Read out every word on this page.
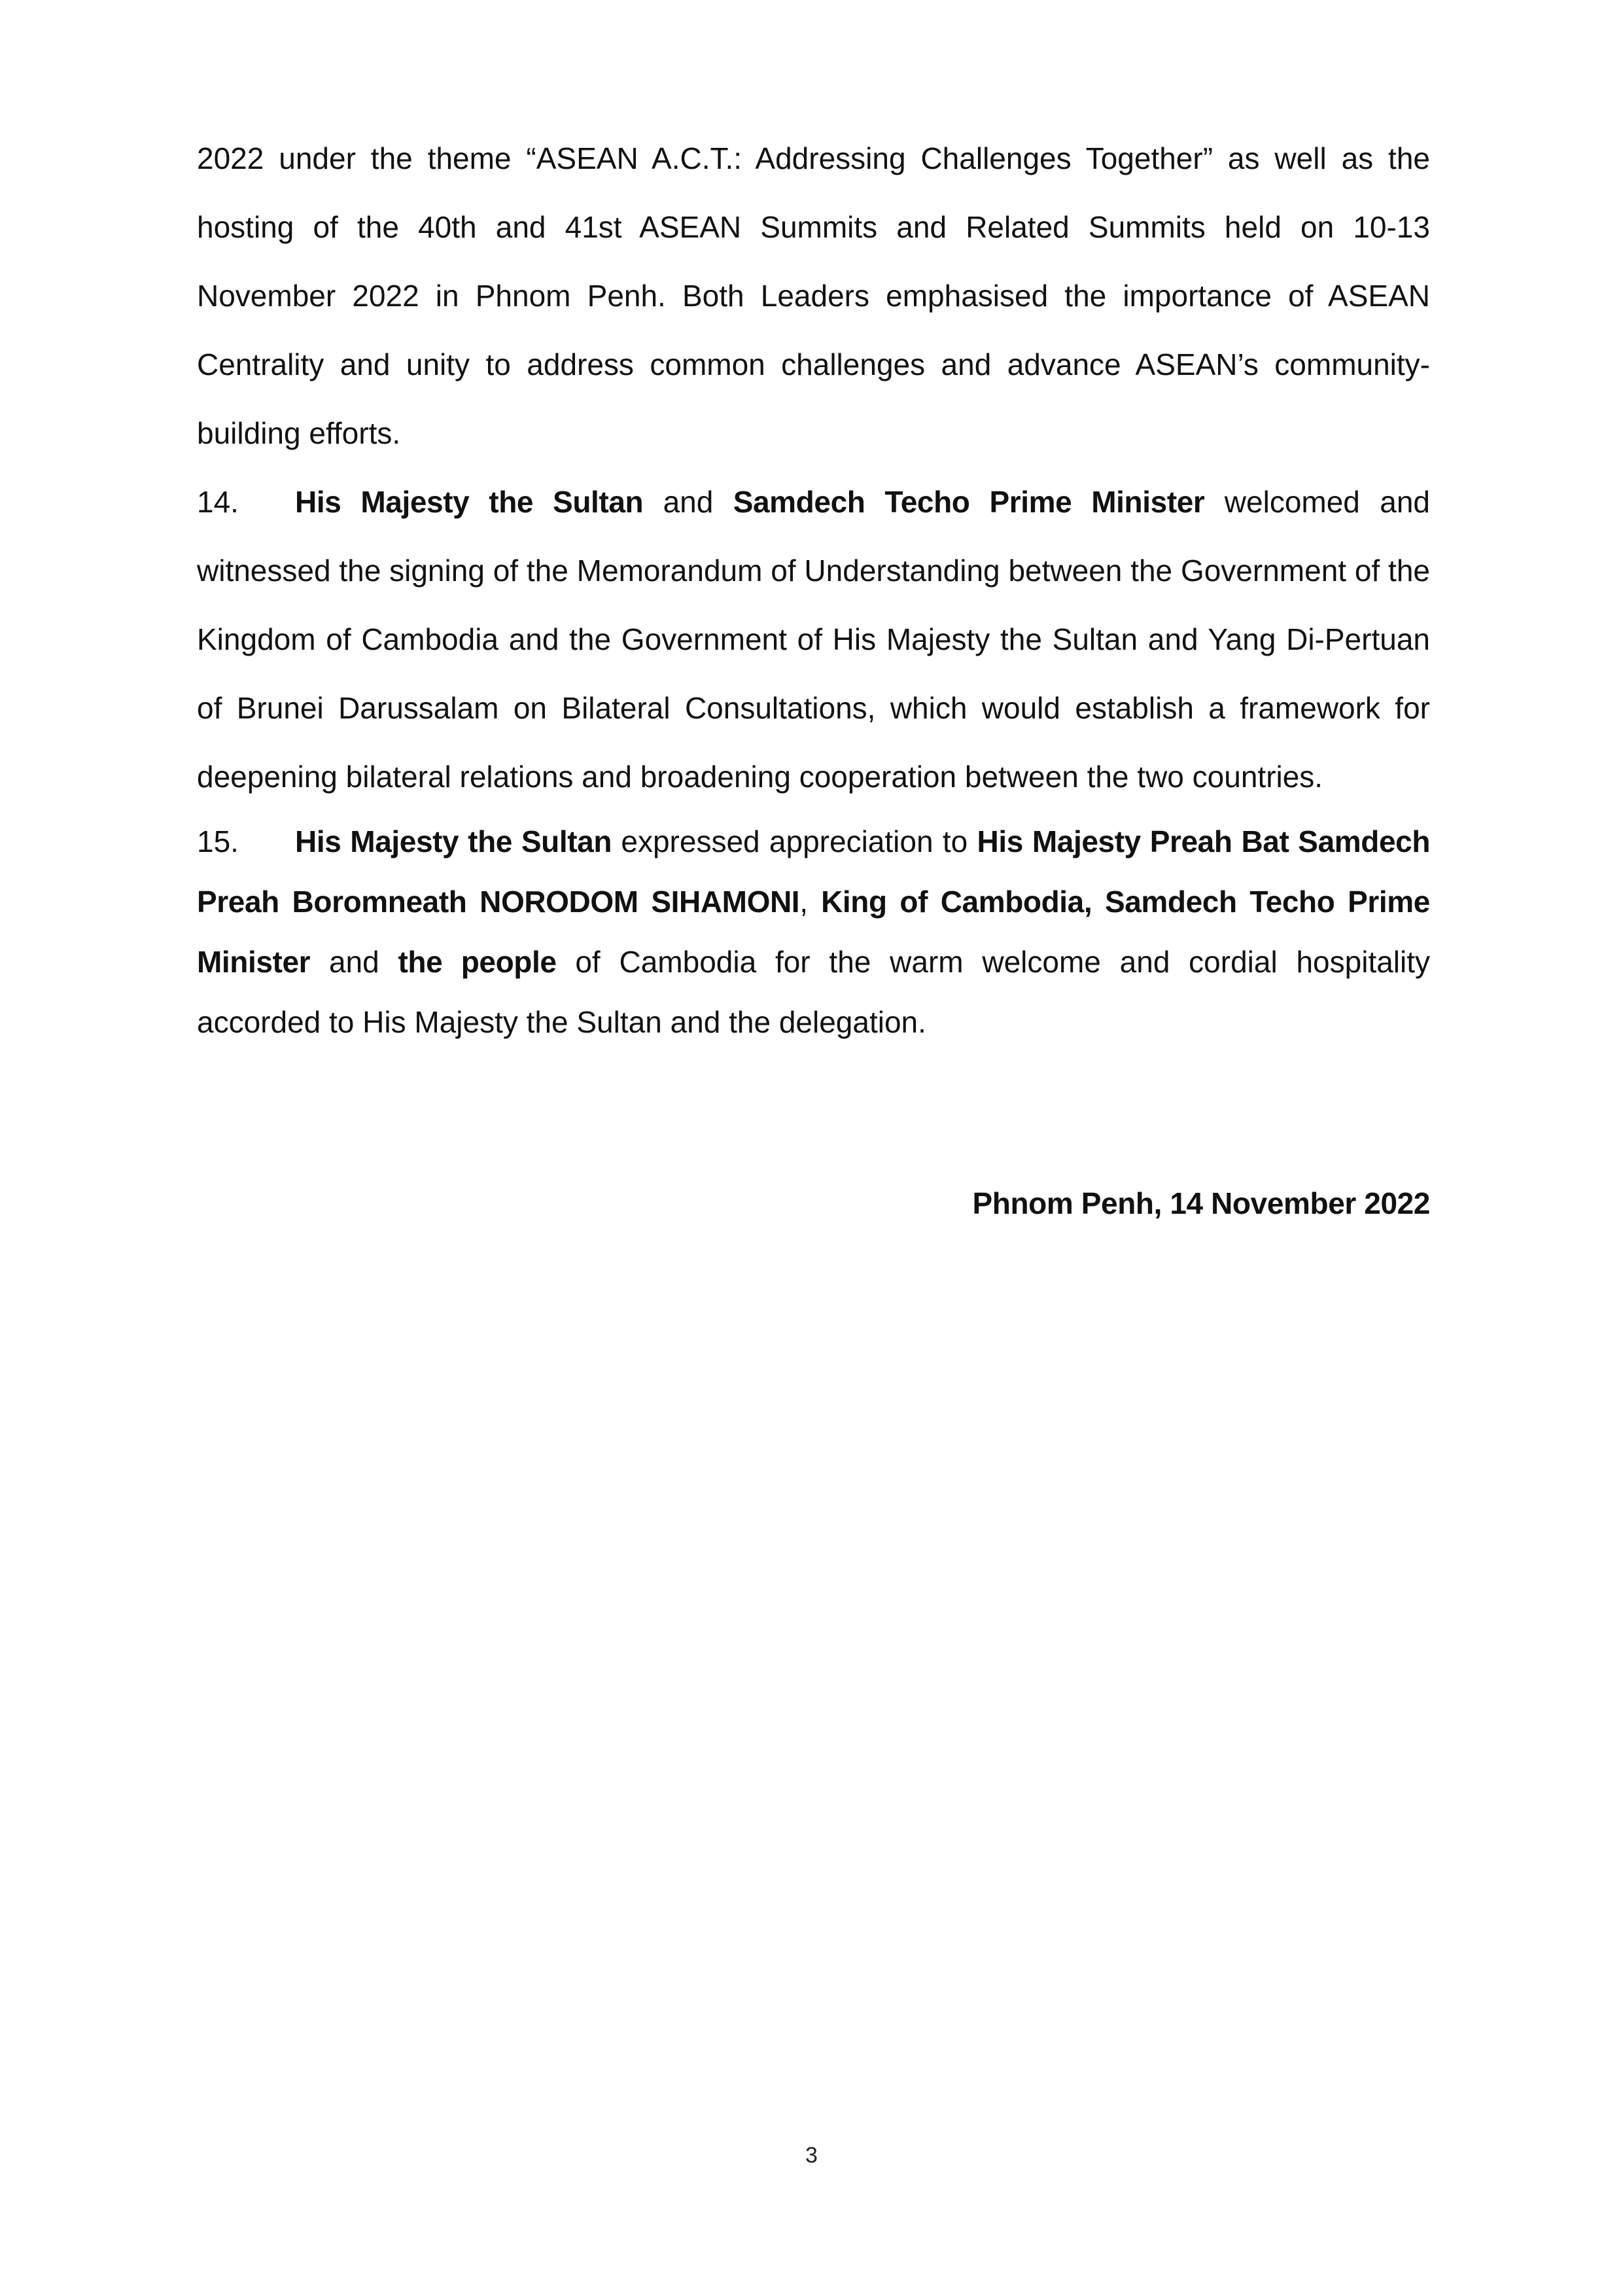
2022 under the theme “ASEAN A.C.T.: Addressing Challenges Together” as well as the hosting of the 40th and 41st ASEAN Summits and Related Summits held on 10-13 November 2022 in Phnom Penh. Both Leaders emphasised the importance of ASEAN Centrality and unity to address common challenges and advance ASEAN’s community-building efforts.

14. His Majesty the Sultan and Samdech Techo Prime Minister welcomed and witnessed the signing of the Memorandum of Understanding between the Government of the Kingdom of Cambodia and the Government of His Majesty the Sultan and Yang Di-Pertuan of Brunei Darussalam on Bilateral Consultations, which would establish a framework for deepening bilateral relations and broadening cooperation between the two countries.

15. His Majesty the Sultan expressed appreciation to His Majesty Preah Bat Samdech Preah Boromneath NORODOM SIHAMONI, King of Cambodia, Samdech Techo Prime Minister and the people of Cambodia for the warm welcome and cordial hospitality accorded to His Majesty the Sultan and the delegation.

Phnom Penh, 14 November 2022
3
